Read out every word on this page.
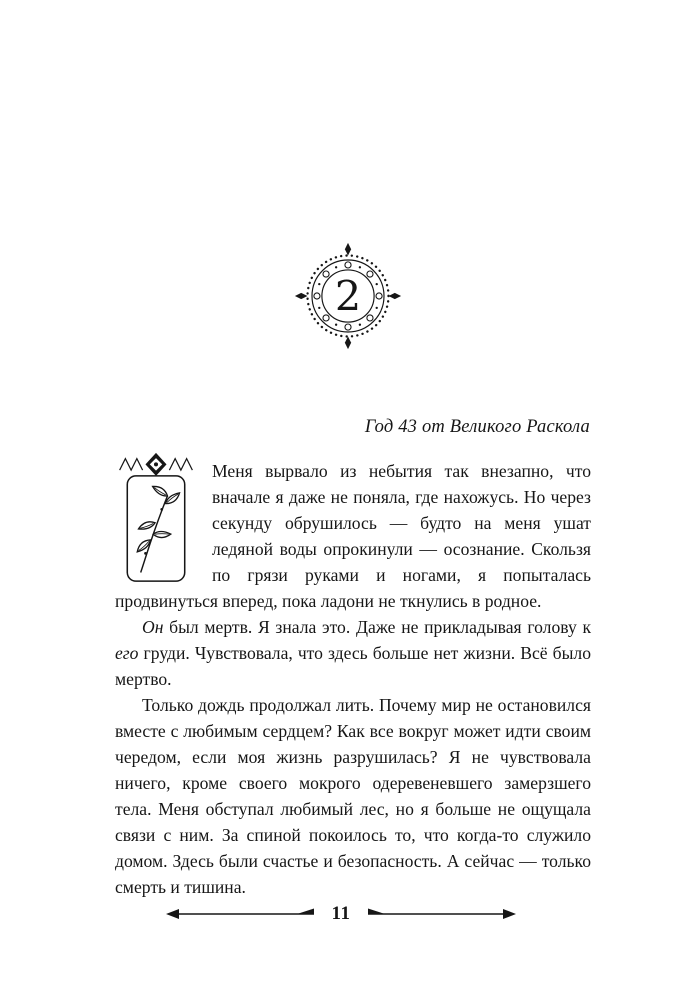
2
Год 43 от Великого Раскола

Меня вырвало из небытия так внезапно, что вначале я даже не поняла, где нахожусь. Но через секунду обрушилось — будто на меня ушат ледяной воды опрокинули — осознание. Скользя по грязи руками и ногами, я попыталась продвинуться вперед, пока ладони не ткнулись в родное.

Он был мертв. Я знала это. Даже не прикладывая голову к его груди. Чувствовала, что здесь больше нет жизни. Всё было мертво.

Только дождь продолжал лить. Почему мир не остановился вместе с любимым сердцем? Как все вокруг может идти своим чередом, если моя жизнь разрушилась? Я не чувствовала ничего, кроме своего мокрого одеревеневшего замерзшего тела. Меня обступал любимый лес, но я больше не ощущала связи с ним. За спиной покоилось то, что когда-то служило домом. Здесь были счастье и безопасность. А сейчас — только смерть и тишина.

11
